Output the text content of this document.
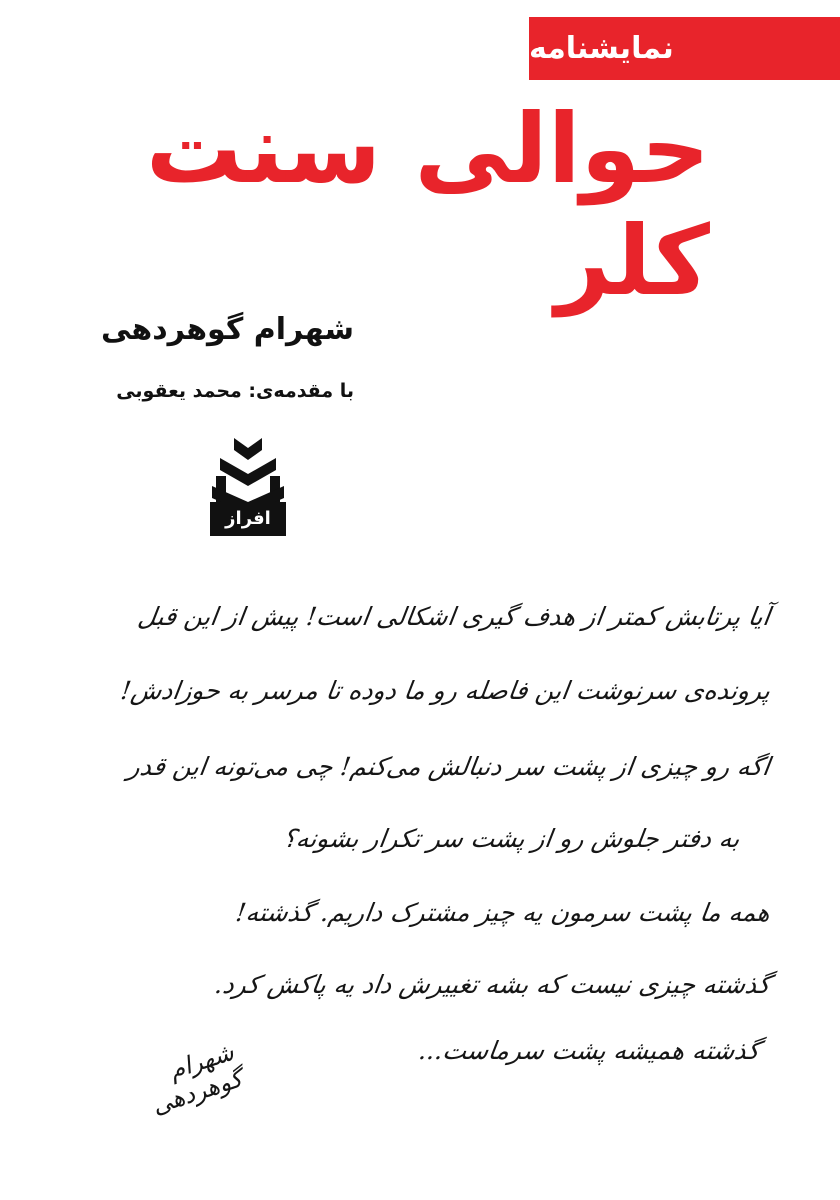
نمایشنامه
حوالی سنت کلر
شهرام گوهردهی
با مقدمه‌ی: محمد یعقوبی
افراز
آیا پرتابش کمتر از هدف گیری اشکالی است! پیش از این قبل
پرونده‌ی سرنوشت این فاصله رو ما دوده تا مرسر به حوزادش!
اگه رو چیزی از پشت سر دنبالش می‌کنم! چی می‌تونه این قدر
به دفتر جلوش رو از پشت سر تکرار بشونه؟
همه ما پشت سرمون یه چیز مشترک داریم. گذشته!
گذشته چیزی نیست که بشه تغییرش داد یه پاکش کرد.
گذشته همیشه پشت سرماست...
شهرام گوهردهی
